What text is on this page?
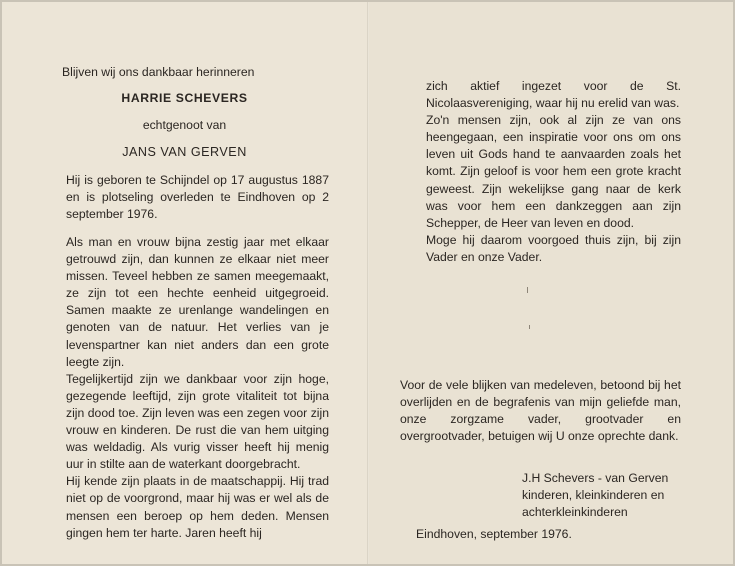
Blijven wij ons dankbaar herinneren

HARRIE SCHEVERS

echtgenoot van

JANS VAN GERVEN

Hij is geboren te Schijndel op 17 augustus 1887 en is plotseling overleden te Eindhoven op 2 september 1976.

Als man en vrouw bijna zestig jaar met elkaar getrouwd zijn, dan kunnen ze elkaar niet meer missen. Teveel hebben ze samen meegemaakt, ze zijn tot een hechte eenheid uitgegroeid. Samen maakte ze urenlange wandelingen en genoten van de natuur. Het verlies van je levenspartner kan niet anders dan een grote leegte zijn.

Tegelijkertijd zijn we dankbaar voor zijn hoge, gezegende leeftijd, zijn grote vitaliteit tot bijna zijn dood toe. Zijn leven was een zegen voor zijn vrouw en kinderen. De rust die van hem uitging was weldadig. Als vurig visser heeft hij menig uur in stilte aan de waterkant doorgebracht.

Hij kende zijn plaats in de maatschappij. Hij trad niet op de voorgrond, maar hij was er wel als de mensen een beroep op hem deden. Mensen gingen hem ter harte. Jaren heeft hij

zich aktief ingezet voor de St. Nicolaasvereniging, waar hij nu erelid van was.

Zo'n mensen zijn, ook al zijn ze van ons heengegaan, een inspiratie voor ons om ons leven uit Gods hand te aanvaarden zoals het komt. Zijn geloof is voor hem een grote kracht geweest. Zijn wekelijkse gang naar de kerk was voor hem een dankzeggen aan zijn Schepper, de Heer van leven en dood.

Moge hij daarom voorgoed thuis zijn, bij zijn Vader en onze Vader.

Voor de vele blijken van medeleven, betoond bij het overlijden en de begrafenis van mijn geliefde man, onze zorgzame vader, grootvader en overgrootvader, betuigen wij U onze oprechte dank.

J.H Schevers - van Gerven

kinderen, kleinkinderen en

achterkleinkinderen

Eindhoven, september 1976.
